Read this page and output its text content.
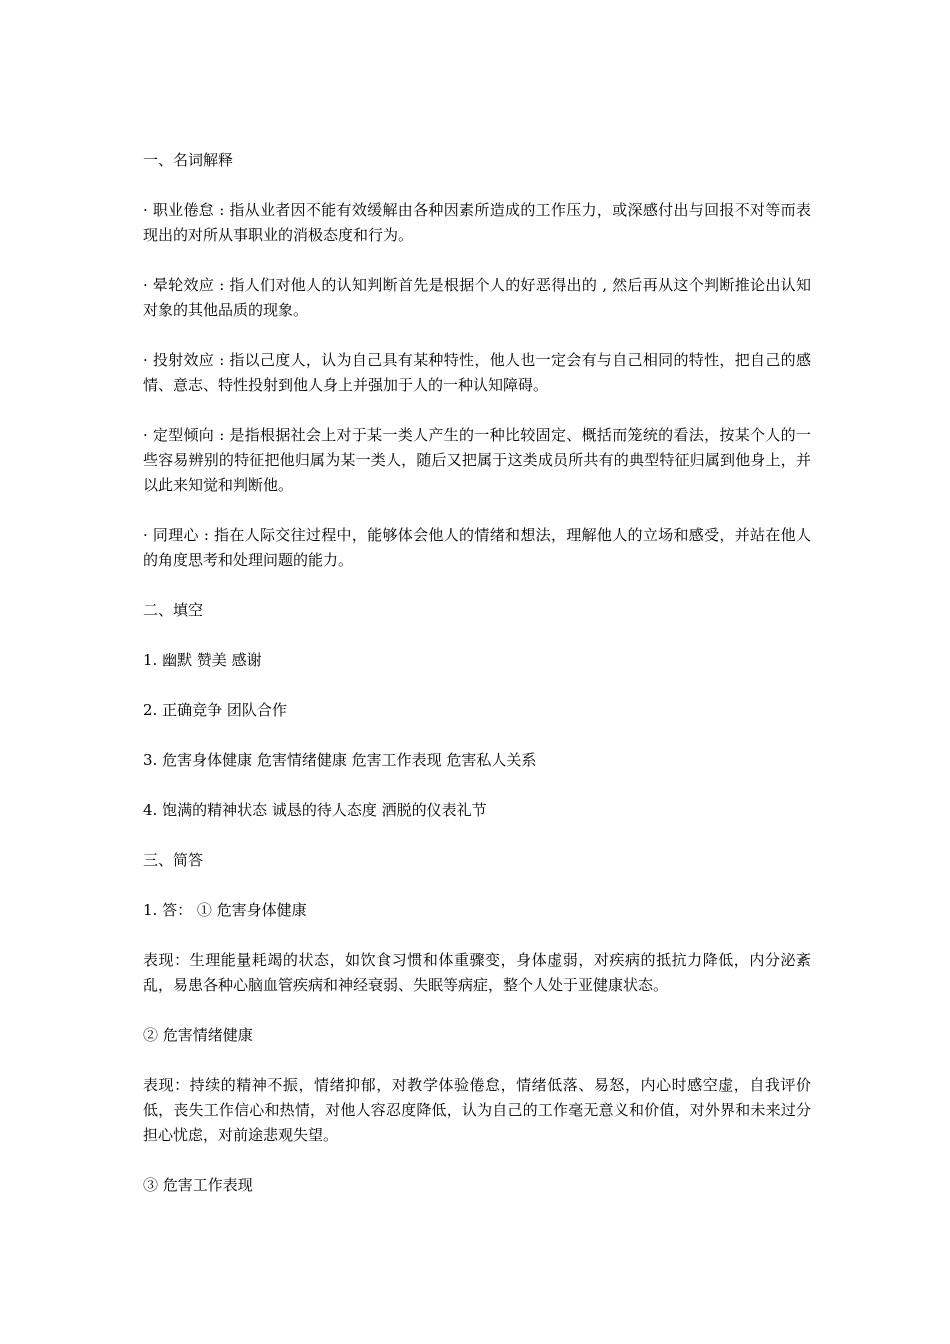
一、名词解释
· 职业倦怠 : 指从业者因不能有效缓解由各种因素所造成的工作压力，或深感付出与回报不对等而表现出的对所从事职业的消极态度和行为。
· 晕轮效应 : 指人们对他人的认知判断首先是根据个人的好恶得出的 , 然后再从这个判断推论出认知对象的其他品质的现象。
· 投射效应 : 指以己度人，认为自己具有某种特性，他人也一定会有与自己相同的特性，把自己的感情、意志、特性投射到他人身上并强加于人的一种认知障碍。
· 定型倾向 : 是指根据社会上对于某一类人产生的一种比较固定、概括而笼统的看法，按某个人的一些容易辨别的特征把他归属为某一类人，随后又把属于这类成员所共有的典型特征归属到他身上，并以此来知觉和判断他。
· 同理心 : 指在人际交往过程中，能够体会他人的情绪和想法，理解他人的立场和感受，并站在他人的角度思考和处理问题的能力。
二、填空
1. 幽默 赞美 感谢
2. 正确竞争 团队合作
3. 危害身体健康 危害情绪健康 危害工作表现 危害私人关系
4. 饱满的精神状态 诚恳的待人态度 洒脱的仪表礼节
三、简答
1. 答： ① 危害身体健康
表现：生理能量耗竭的状态，如饮食习惯和体重骤变，身体虚弱，对疾病的抵抗力降低，内分泌紊乱，易患各种心脑血管疾病和神经衰弱、失眠等病症，整个人处于亚健康状态。
② 危害情绪健康
表现：持续的精神不振，情绪抑郁，对教学体验倦怠，情绪低落、易怒，内心时感空虚，自我评价低，丧失工作信心和热情，对他人容忍度降低，认为自己的工作毫无意义和价值，对外界和未来过分担心忧虑，对前途悲观失望。
③ 危害工作表现
